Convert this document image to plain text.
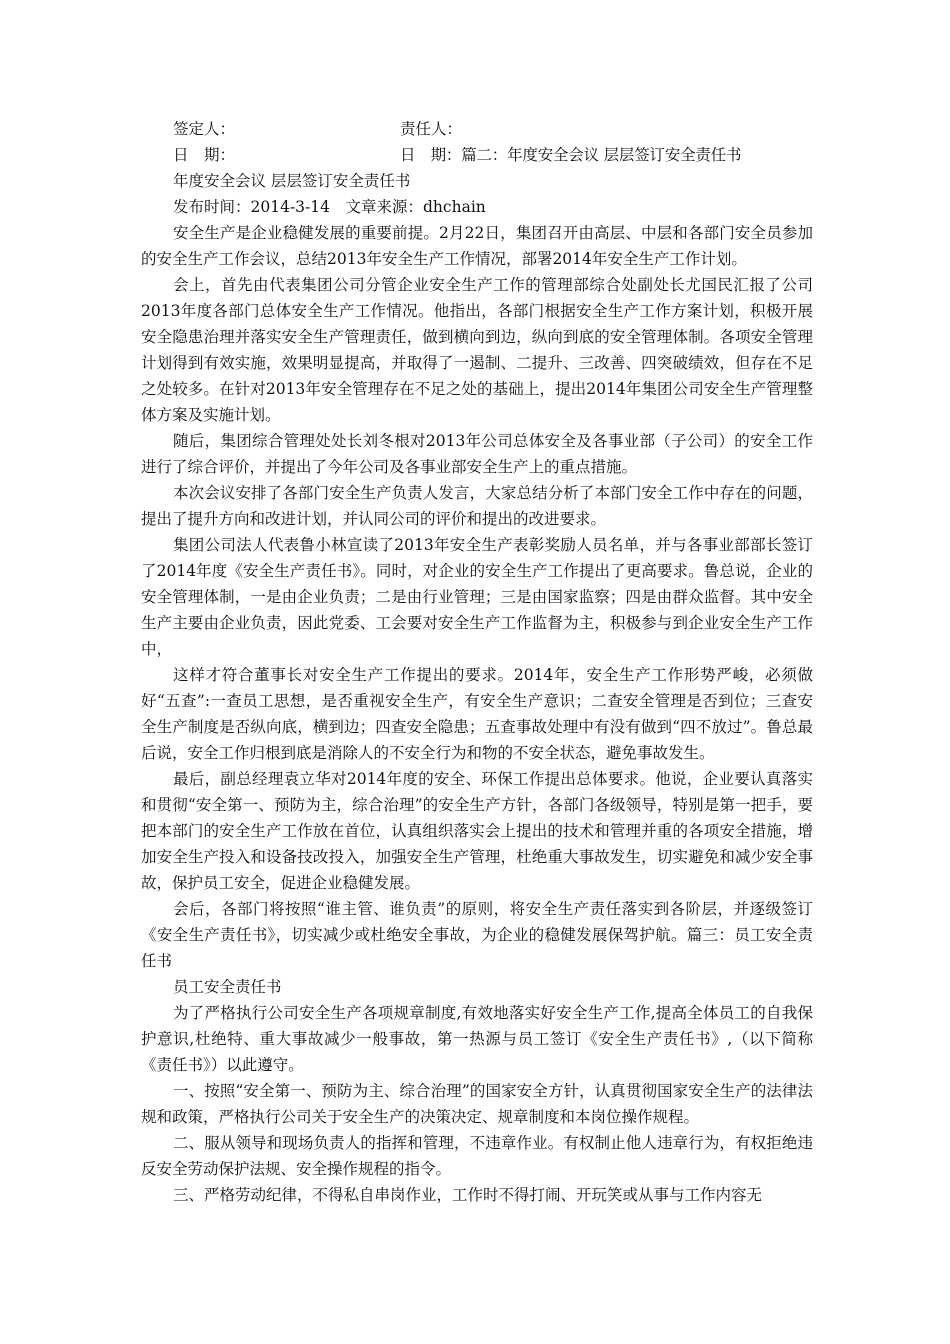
签定人：	责任人：
日　期：	日　期：篇二：年度安全会议 层层签订安全责任书
年度安全会议 层层签订安全责任书
发布时间：2014-3-14　文章来源：dhchain

安全生产是企业稳健发展的重要前提。2月22日，集团召开由高层、中层和各部门安全员参加的安全生产工作会议，总结2013年安全生产工作情况，部署2014年安全生产工作计划。

会上，首先由代表集团公司分管企业安全生产工作的管理部综合处副处长尤国民汇报了公司2013年度各部门总体安全生产工作情况。他指出，各部门根据安全生产工作方案计划，积极开展安全隐患治理并落实安全生产管理责任，做到横向到边，纵向到底的安全管理体制。各项安全管理计划得到有效实施，效果明显提高，并取得了一遏制、二提升、三改善、四突破绩效，但存在不足之处较多。在针对2013年安全管理存在不足之处的基础上，提出2014年集团公司安全生产管理整体方案及实施计划。

随后，集团综合管理处处长刘冬根对2013年公司总体安全及各事业部（子公司）的安全工作进行了综合评价，并提出了今年公司及各事业部安全生产上的重点措施。

本次会议安排了各部门安全生产负责人发言，大家总结分析了本部门安全工作中存在的问题，提出了提升方向和改进计划，并认同公司的评价和提出的改进要求。

集团公司法人代表鲁小林宣读了2013年安全生产表彰奖励人员名单，并与各事业部部长签订了2014年度《安全生产责任书》。同时，对企业的安全生产工作提出了更高要求。鲁总说，企业的安全管理体制，一是由企业负责；二是由行业管理；三是由国家监察；四是由群众监督。其中安全生产主要由企业负责，因此党委、工会要对安全生产工作监督为主，积极参与到企业安全生产工作中，

这样才符合董事长对安全生产工作提出的要求。2014年，安全生产工作形势严峻，必须做好“五查”:一查员工思想，是否重视安全生产，有安全生产意识；二查安全管理是否到位；三查安全生产制度是否纵向底，横到边；四查安全隐患；五查事故处理中有没有做到“四不放过”。鲁总最后说，安全工作归根到底是消除人的不安全行为和物的不安全状态，避免事故发生。

最后，副总经理袁立华对2014年度的安全、环保工作提出总体要求。他说，企业要认真落实和贯彻“安全第一、预防为主，综合治理”的安全生产方针，各部门各级领导，特别是第一把手，要把本部门的安全生产工作放在首位，认真组织落实会上提出的技术和管理并重的各项安全措施，增加安全生产投入和设备技改投入，加强安全生产管理，杜绝重大事故发生，切实避免和减少安全事故，保护员工安全，促进企业稳健发展。

会后，各部门将按照“谁主管、谁负责”的原则，将安全生产责任落实到各阶层，并逐级签订《安全生产责任书》，切实减少或杜绝安全事故，为企业的稳健发展保驾护航。篇三：员工安全责任书

员工安全责任书

为了严格执行公司安全生产各项规章制度,有效地落实好安全生产工作,提高全体员工的自我保护意识,杜绝特、重大事故减少一般事故，第一热源与员工签订《安全生产责任书》,（以下简称《责任书》）以此遵守。

一、按照“安全第一、预防为主、综合治理”的国家安全方针，认真贯彻国家安全生产的法律法规和政策，严格执行公司关于安全生产的决策决定、规章制度和本岗位操作规程。

二、服从领导和现场负责人的指挥和管理，不违章作业。有权制止他人违章行为，有权拒绝违反安全劳动保护法规、安全操作规程的指令。

三、严格劳动纪律，不得私自串岗作业，工作时不得打闹、开玩笑或从事与工作内容无
